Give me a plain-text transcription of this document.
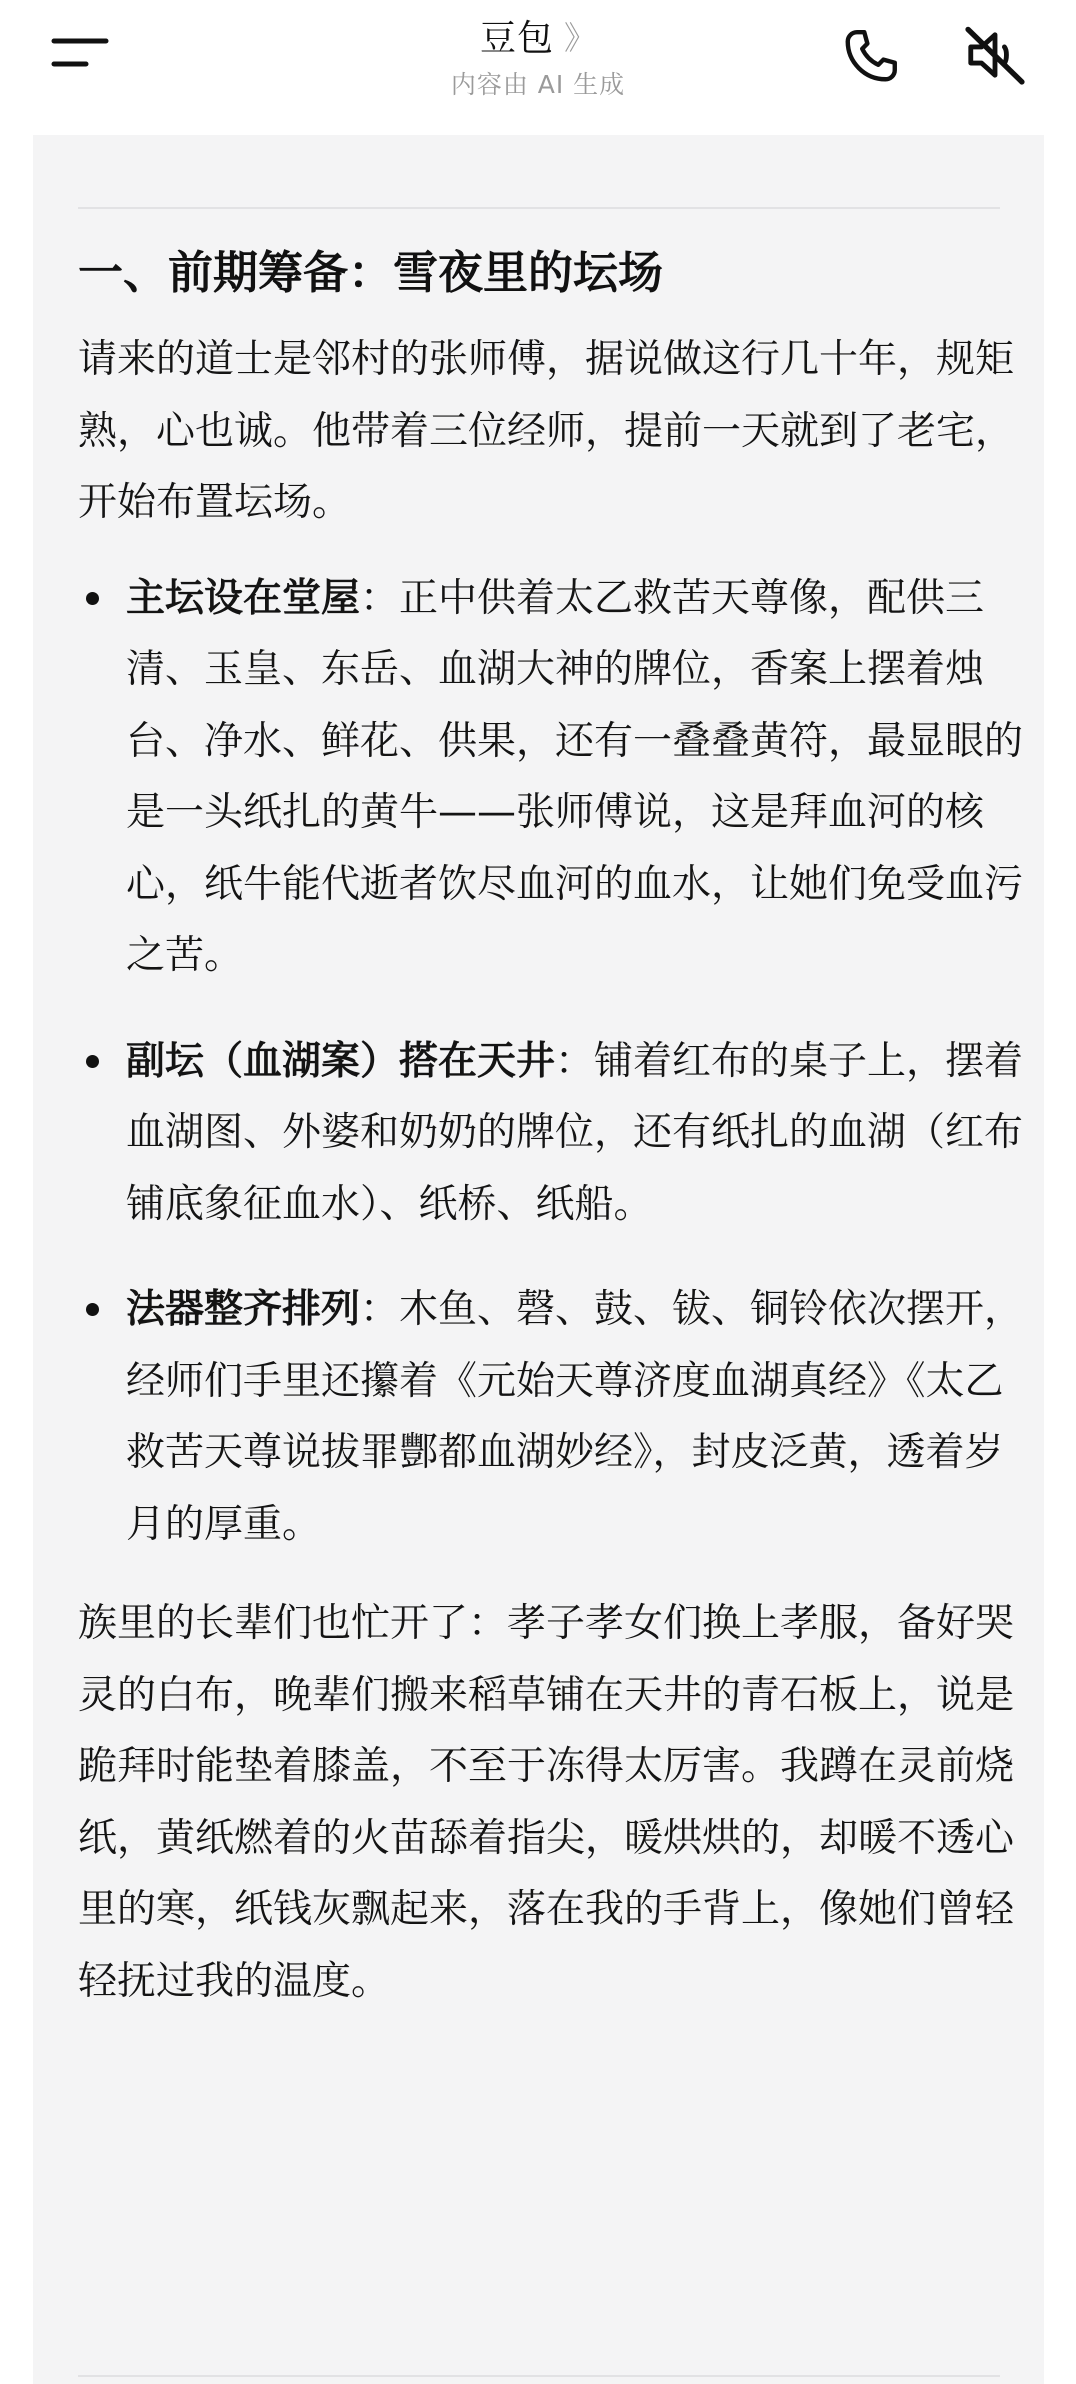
豆包 》
内容由 AI 生成
一、前期筹备：雪夜里的坛场

请来的道士是邻村的张师傅，据说做这行几十年，规矩熟，心也诚。他带着三位经师，提前一天就到了老宅，开始布置坛场。

主坛设在堂屋：正中供着太乙救苦天尊像，配供三清、玉皇、东岳、血湖大神的牌位，香案上摆着烛台、净水、鲜花、供果，还有一叠叠黄符，最显眼的是一头纸扎的黄牛——张师傅说，这是拜血河的核心，纸牛能代逝者饮尽血河的血水，让她们免受血污之苦。
副坛（血湖案）搭在天井：铺着红布的桌子上，摆着血湖图、外婆和奶奶的牌位，还有纸扎的血湖（红布铺底象征血水）、纸桥、纸船。
法器整齐排列：木鱼、磬、鼓、钹、铜铃依次摆开，经师们手里还攥着《元始天尊济度血湖真经》《太乙救苦天尊说拔罪酆都血湖妙经》，封皮泛黄，透着岁月的厚重。

族里的长辈们也忙开了：孝子孝女们换上孝服，备好哭灵的白布，晚辈们搬来稻草铺在天井的青石板上，说是跪拜时能垫着膝盖，不至于冻得太厉害。我蹲在灵前烧纸，黄纸燃着的火苗舔着指尖，暖烘烘的，却暖不透心里的寒，纸钱灰飘起来，落在我的手背上，像她们曾轻轻抚过我的温度。
